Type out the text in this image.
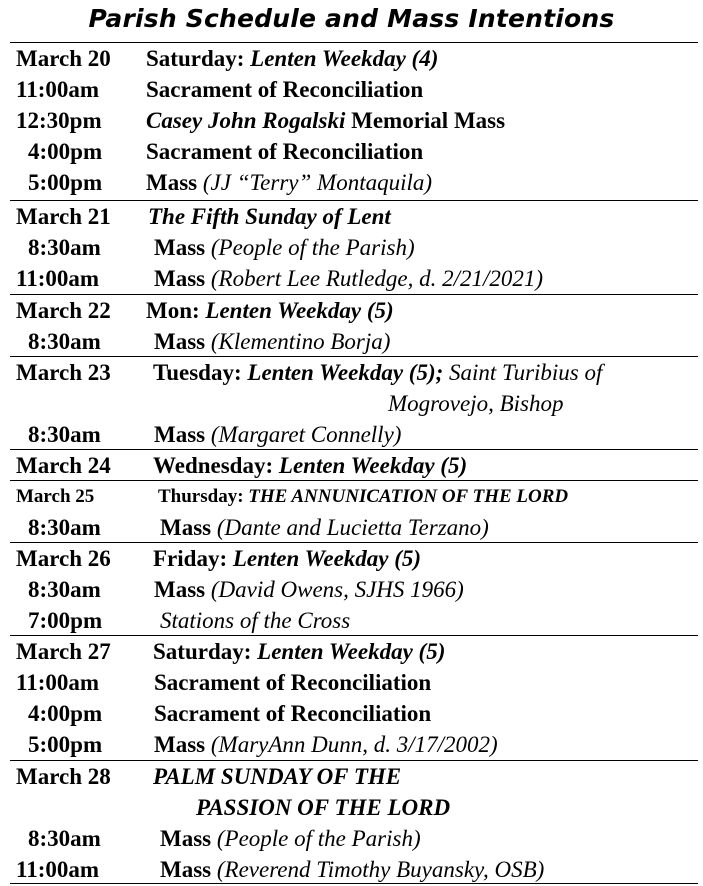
Parish Schedule and Mass Intentions
March 20 Saturday: Lenten Weekday (4)
11:00am Sacrament of Reconciliation
12:30pm Casey John Rogalski Memorial Mass
4:00pm Sacrament of Reconciliation
5:00pm Mass (JJ “Terry” Montaquila)
March 21 The Fifth Sunday of Lent
8:30am Mass (People of the Parish)
11:00am Mass (Robert Lee Rutledge, d. 2/21/2021)
March 22 Mon: Lenten Weekday (5)
8:30am Mass (Klementino Borja)
March 23 Tuesday: Lenten Weekday (5); Saint Turibius of
Mogrovejo, Bishop
8:30am Mass (Margaret Connelly)
March 24 Wednesday: Lenten Weekday (5)
March 25	Thursday: THE ANNUNICATION OF THE LORD
8:30am	Mass (Dante and Lucietta Terzano)
March 26 Friday: Lenten Weekday (5)
8:30am Mass (David Owens, SJHS 1966)
7:00pm	Stations of the Cross
March 27 Saturday: Lenten Weekday (5)
11:00am Sacrament of Reconciliation
4:00pm Sacrament of Reconciliation
5:00pm Mass (MaryAnn Dunn, d. 3/17/2002)
March 28 PALM SUNDAY OF THE
PASSION OF THE LORD
8:30am	Mass (People of the Parish)
11:00am	Mass (Reverend Timothy Buyansky, OSB)
